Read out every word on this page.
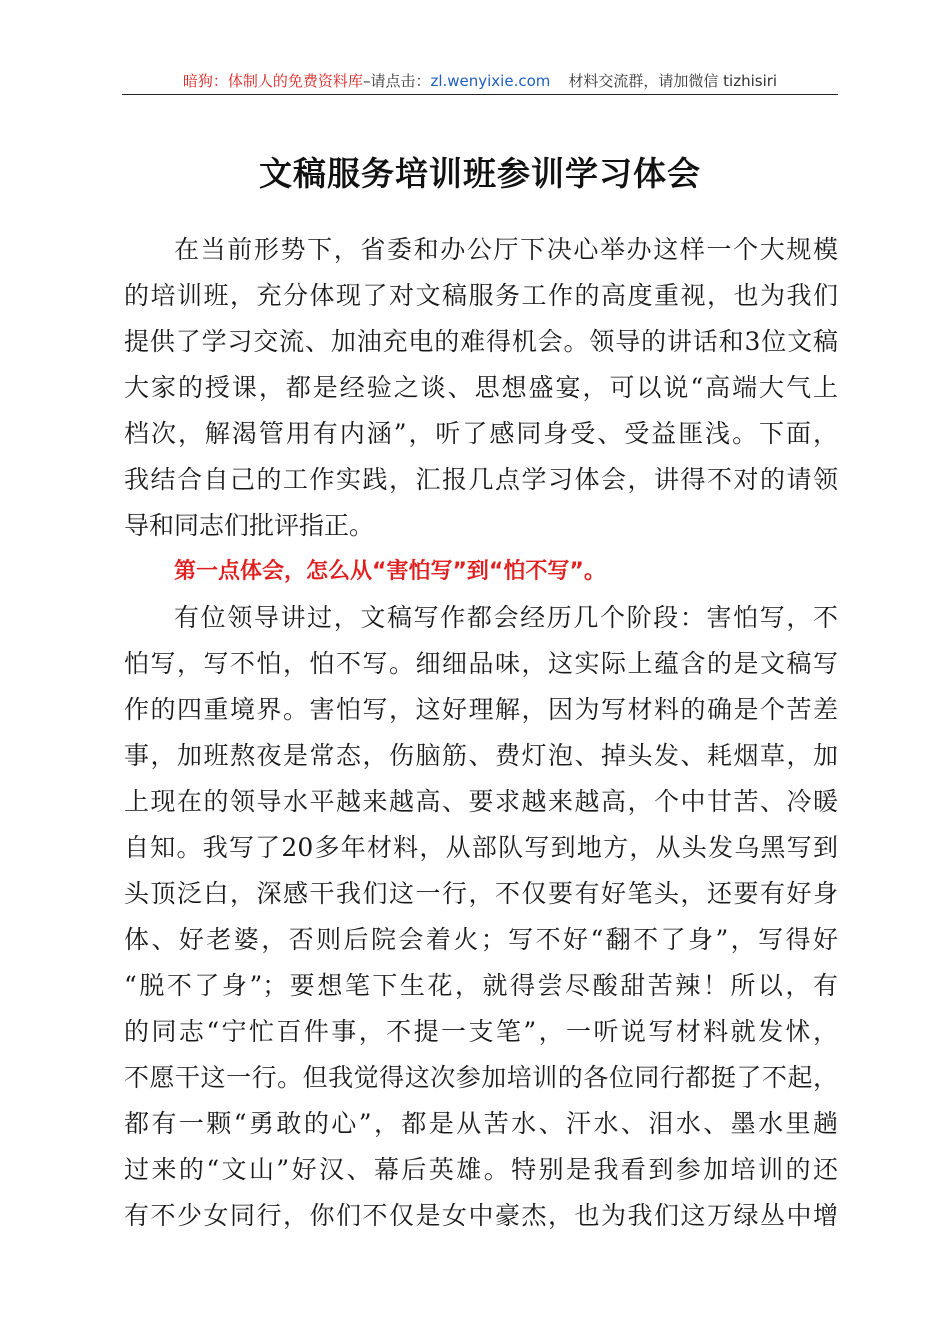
暗狗：体制人的免费资料库–请点击：zl.wenyixie.com 材料交流群，请加微信 tizhisiri
文稿服务培训班参训学习体会
在当前形势下，省委和办公厅下决心举办这样一个大规模
的培训班，充分体现了对文稿服务工作的高度重视，也为我们
提供了学习交流、加油充电的难得机会。领导的讲话和3位文稿
大家的授课，都是经验之谈、思想盛宴，可以说“高端大气上
档次，解渴管用有内涵”，听了感同身受、受益匪浅。下面，
我结合自己的工作实践，汇报几点学习体会，讲得不对的请领
导和同志们批评指正。
第一点体会，怎么从“害怕写”到“怕不写”。
有位领导讲过，文稿写作都会经历几个阶段：害怕写，不
怕写，写不怕，怕不写。细细品味，这实际上蕴含的是文稿写
作的四重境界。害怕写，这好理解，因为写材料的确是个苦差
事，加班熬夜是常态，伤脑筋、费灯泡、掉头发、耗烟草，加
上现在的领导水平越来越高、要求越来越高，个中甘苦、冷暖
自知。我写了20多年材料，从部队写到地方，从头发乌黑写到
头顶泛白，深感干我们这一行，不仅要有好笔头，还要有好身
体、好老婆，否则后院会着火；写不好“翻不了身”，写得好
“脱不了身”；要想笔下生花，就得尝尽酸甜苦辣！所以，有
的同志“宁忙百件事，不提一支笔”，一听说写材料就发怵，
不愿干这一行。但我觉得这次参加培训的各位同行都挺了不起，
都有一颗“勇敢的心”，都是从苦水、汗水、泪水、墨水里趟
过来的“文山”好汉、幕后英雄。特别是我看到参加培训的还
有不少女同行，你们不仅是女中豪杰，也为我们这万绿丛中增
